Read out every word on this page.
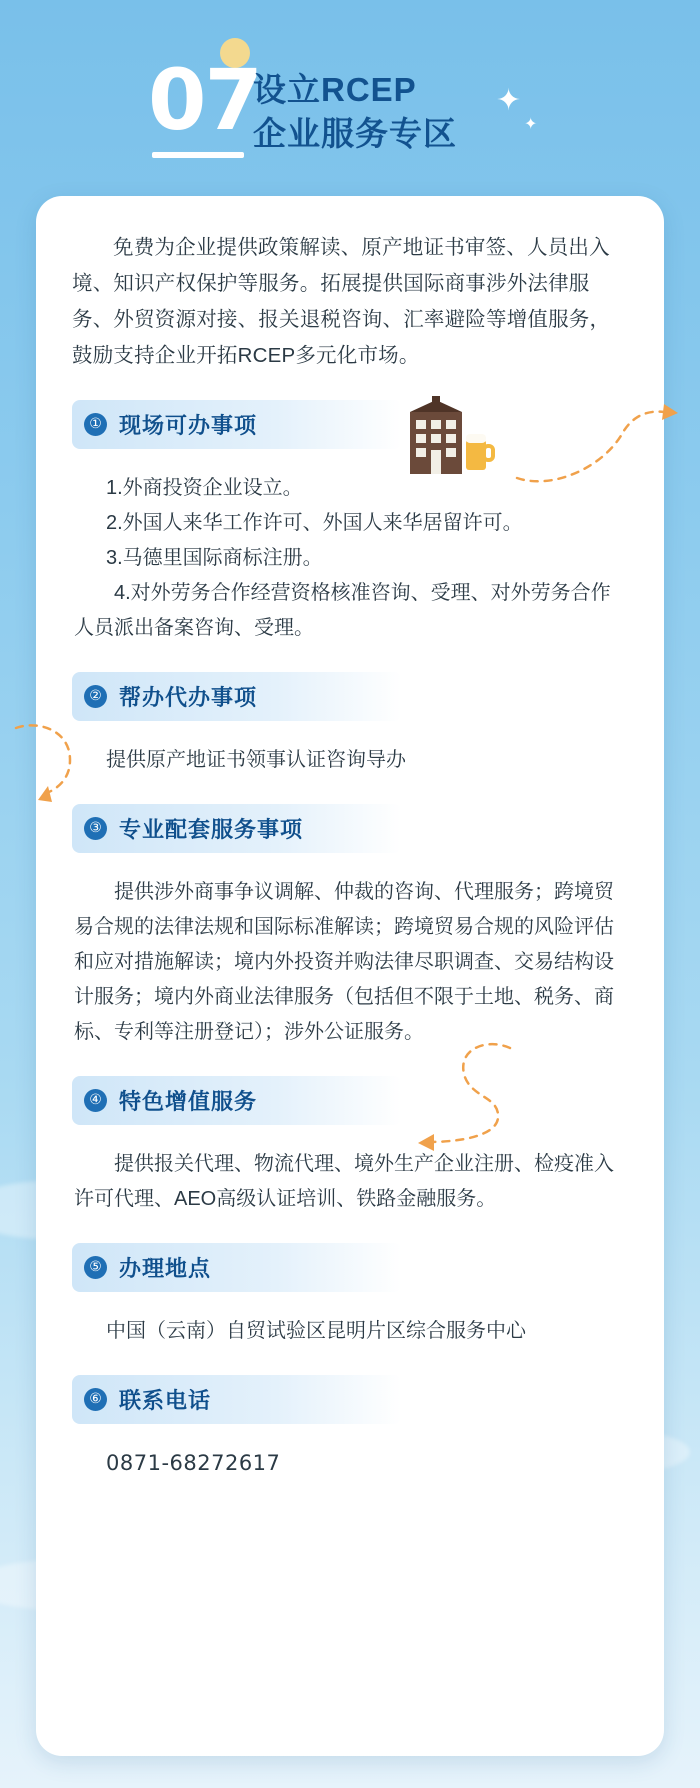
07
设立RCEP
企业服务专区
✦
✦

免费为企业提供政策解读、原产地证书审签、人员出入境、知识产权保护等服务。拓展提供国际商事涉外法律服务、外贸资源对接、报关退税咨询、汇率避险等增值服务，鼓励支持企业开拓RCEP多元化市场。

① 现场可办事项

1.外商投资企业设立。

2.外国人来华工作许可、外国人来华居留许可。

3.马德里国际商标注册。

4.对外劳务合作经营资格核准咨询、受理、对外劳务合作人员派出备案咨询、受理。

② 帮办代办事项

提供原产地证书领事认证咨询导办

③ 专业配套服务事项

提供涉外商事争议调解、仲裁的咨询、代理服务；跨境贸易合规的法律法规和国际标准解读；跨境贸易合规的风险评估和应对措施解读；境内外投资并购法律尽职调查、交易结构设计服务；境内外商业法律服务（包括但不限于土地、税务、商标、专利等注册登记）；涉外公证服务。

④ 特色增值服务

提供报关代理、物流代理、境外生产企业注册、检疫准入许可代理、AEO高级认证培训、铁路金融服务。

⑤ 办理地点

中国（云南）自贸试验区昆明片区综合服务中心

⑥ 联系电话

0871-68272617
